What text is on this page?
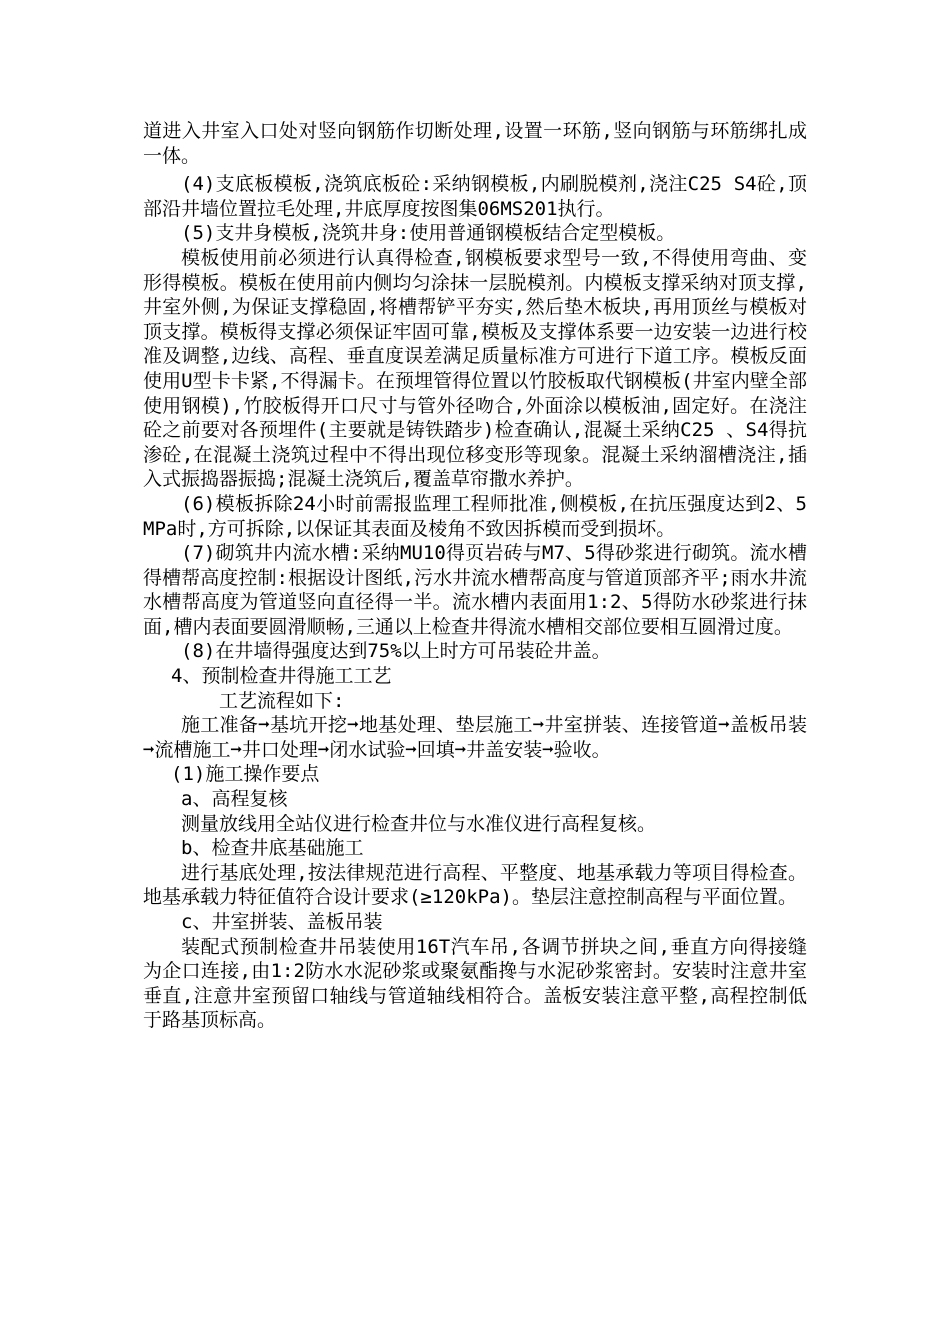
道进入井室入口处对竖向钢筋作切断处理,设置一环筋,竖向钢筋与环筋绑扎成一体。

(4)支底板模板,浇筑底板砼:采纳钢模板,内刷脱模剂,浇注C25 S4砼,顶部沿井墙位置拉毛处理,井底厚度按图集06MS201执行。

(5)支井身模板,浇筑井身:使用普通钢模板结合定型模板。

模板使用前必须进行认真得检查,钢模板要求型号一致,不得使用弯曲、变形得模板。模板在使用前内侧均匀涂抹一层脱模剂。内模板支撑采纳对顶支撑,井室外侧,为保证支撑稳固,将槽帮铲平夯实,然后垫木板块,再用顶丝与模板对顶支撑。模板得支撑必须保证牢固可靠,模板及支撑体系要一边安装一边进行校准及调整,边线、高程、垂直度误差满足质量标准方可进行下道工序。模板反面使用U型卡卡紧,不得漏卡。在预埋管得位置以竹胶板取代钢模板(井室内壁全部使用钢模),竹胶板得开口尺寸与管外径吻合,外面涂以模板油,固定好。在浇注砼之前要对各预埋件(主要就是铸铁踏步)检查确认,混凝土采纳C25 、S4得抗渗砼,在混凝土浇筑过程中不得出现位移变形等现象。混凝土采纳溜槽浇注,插入式振捣器振捣;混凝土浇筑后,覆盖草帘撒水养护。

(6)模板拆除24小时前需报监理工程师批准,侧模板,在抗压强度达到2、5MPa时,方可拆除,以保证其表面及棱角不致因拆模而受到损坏。

(7)砌筑井内流水槽:采纳MU10得页岩砖与M7、5得砂浆进行砌筑。流水槽得槽帮高度控制:根据设计图纸,污水井流水槽帮高度与管道顶部齐平;雨水井流水槽帮高度为管道竖向直径得一半。流水槽内表面用1:2、5得防水砂浆进行抹面,槽内表面要圆滑顺畅,三通以上检查井得流水槽相交部位要相互圆滑过度。

(8)在井墙得强度达到75%以上时方可吊装砼井盖。

4、预制检查井得施工工艺

工艺流程如下:

施工准备➞基坑开挖➞地基处理、垫层施工➞井室拼装、连接管道➞盖板吊装➞流槽施工➞井口处理➞闭水试验➞回填➞井盖安装➞验收。

(1)施工操作要点

a、高程复核

测量放线用全站仪进行检查井位与水准仪进行高程复核。

b、检查井底基础施工

进行基底处理,按法律规范进行高程、平整度、地基承载力等项目得检查。地基承载力特征值符合设计要求(≥120kPa)。垫层注意控制高程与平面位置。

c、井室拼装、盖板吊装

装配式预制检查井吊装使用16T汽车吊,各调节拼块之间,垂直方向得接缝为企口连接,由1:2防水水泥砂浆或聚氨酯搀与水泥砂浆密封。安装时注意井室垂直,注意井室预留口轴线与管道轴线相符合。盖板安装注意平整,高程控制低于路基顶标高。
